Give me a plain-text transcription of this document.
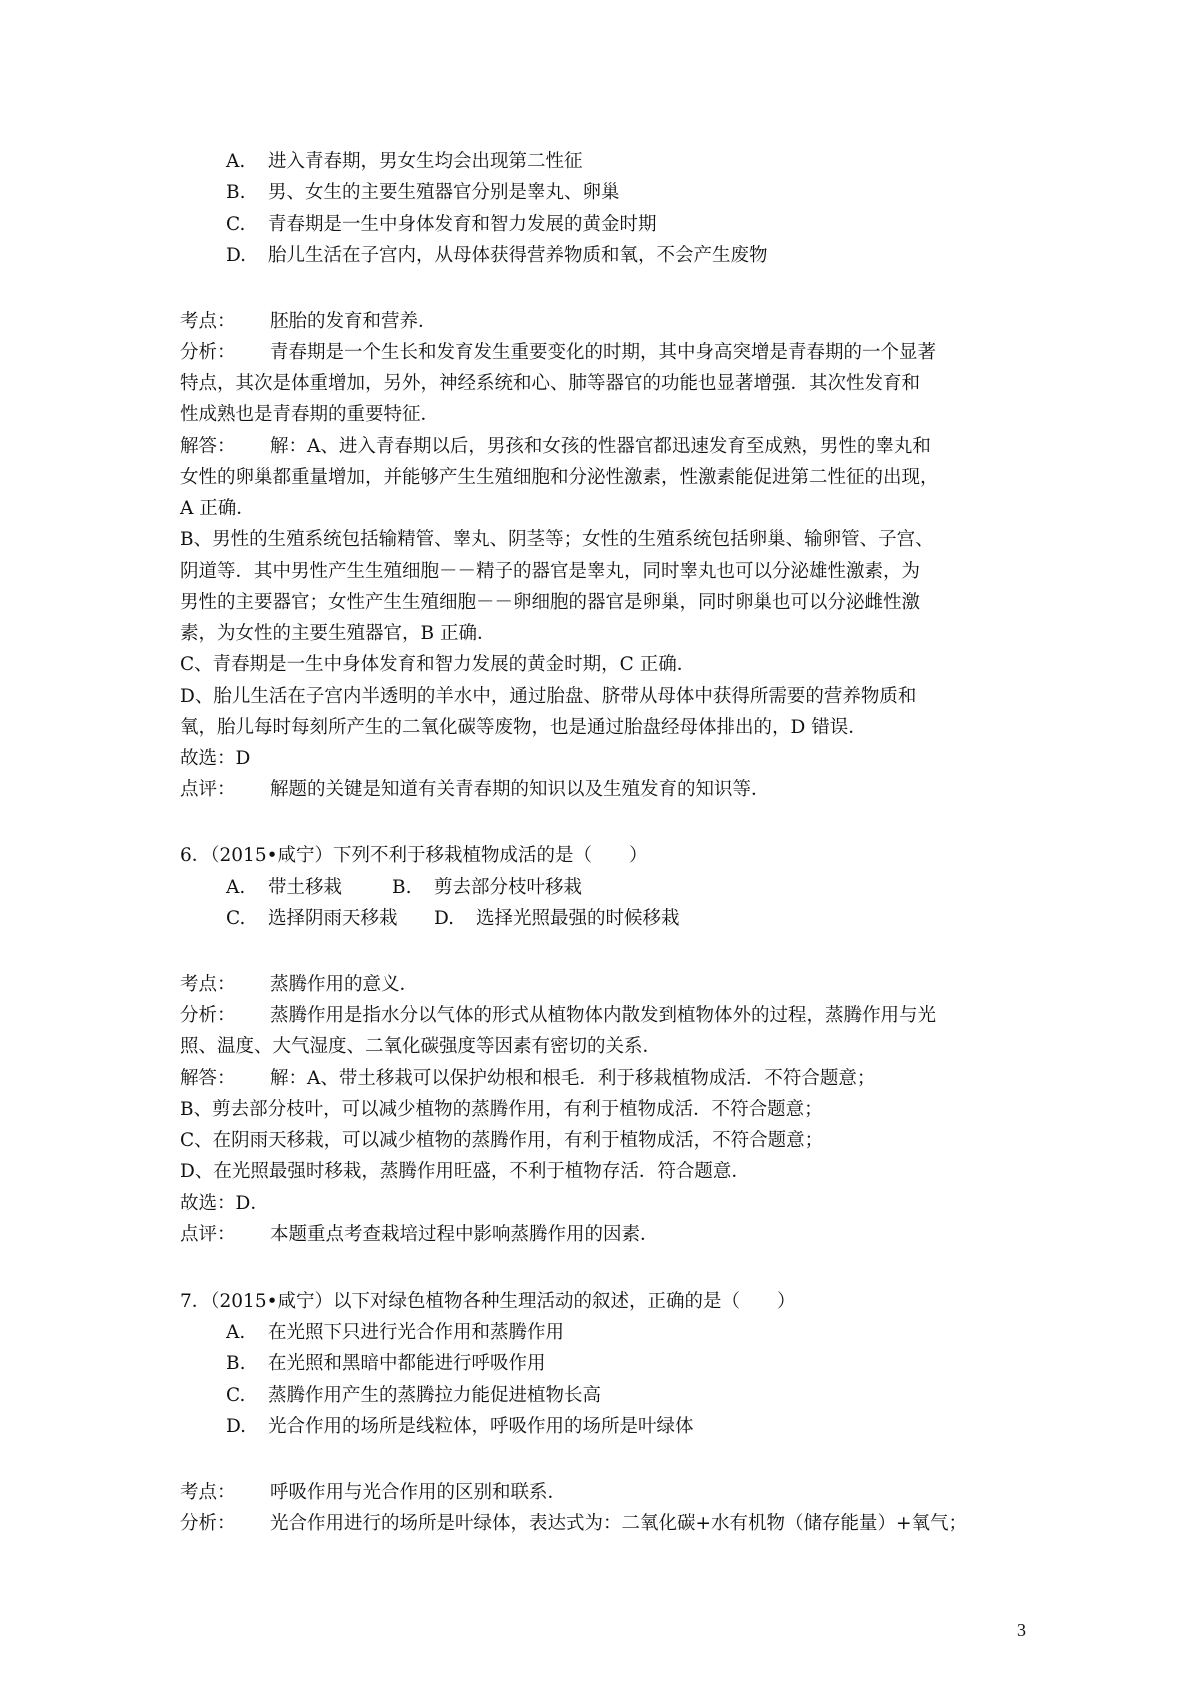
A. 进入青春期，男女生均会出现第二性征
B. 男、女生的主要生殖器官分别是睾丸、卵巢
C. 青春期是一生中身体发育和智力发展的黄金时期
D. 胎儿生活在子宫内，从母体获得营养物质和氧，不会产生废物
考点： 胚胎的发育和营养．
分析： 青春期是一个生长和发育发生重要变化的时期，其中身高突增是青春期的一个显著
特点，其次是体重增加，另外，神经系统和心、肺等器官的功能也显著增强．其次性发育和
性成熟也是青春期的重要特征．
解答： 解：A、进入青春期以后，男孩和女孩的性器官都迅速发育至成熟，男性的睾丸和
女性的卵巢都重量增加，并能够产生生殖细胞和分泌性激素，性激素能促进第二性征的出现，
A 正确．
B、男性的生殖系统包括输精管、睾丸、阴茎等；女性的生殖系统包括卵巢、输卵管、子宫、
阴道等．其中男性产生生殖细胞－－精子的器官是睾丸，同时睾丸也可以分泌雄性激素，为
男性的主要器官；女性产生生殖细胞－－卵细胞的器官是卵巢，同时卵巢也可以分泌雌性激
素，为女性的主要生殖器官，B 正确．
C、青春期是一生中身体发育和智力发展的黄金时期，C 正确．
D、胎儿生活在子宫内半透明的羊水中，通过胎盘、脐带从母体中获得所需要的营养物质和
氧，胎儿每时每刻所产生的二氧化碳等废物，也是通过胎盘经母体排出的，D 错误．
故选：D
点评： 解题的关键是知道有关青春期的知识以及生殖发育的知识等．
6．（2015•咸宁）下列不利于移栽植物成活的是（　　）
A. 带土移栽	B. 剪去部分枝叶移栽
C. 选择阴雨天移栽 D. 选择光照最强的时候移栽
考点： 蒸腾作用的意义．
分析： 蒸腾作用是指水分以气体的形式从植物体内散发到植物体外的过程，蒸腾作用与光
照、温度、大气湿度、二氧化碳强度等因素有密切的关系．
解答： 解：A、带土移栽可以保护幼根和根毛．利于移栽植物成活．不符合题意；
B、剪去部分枝叶，可以减少植物的蒸腾作用，有利于植物成活．不符合题意；
C、在阴雨天移栽，可以减少植物的蒸腾作用，有利于植物成活，不符合题意；
D、在光照最强时移栽，蒸腾作用旺盛，不利于植物存活．符合题意．
故选：D．
点评： 本题重点考查栽培过程中影响蒸腾作用的因素．
7．（2015•咸宁）以下对绿色植物各种生理活动的叙述，正确的是（　　）
A. 在光照下只进行光合作用和蒸腾作用
B. 在光照和黑暗中都能进行呼吸作用
C. 蒸腾作用产生的蒸腾拉力能促进植物长高
D. 光合作用的场所是线粒体，呼吸作用的场所是叶绿体
考点： 呼吸作用与光合作用的区别和联系．
分析： 光合作用进行的场所是叶绿体，表达式为：二氧化碳+水有机物（储存能量）+氧气；
3
